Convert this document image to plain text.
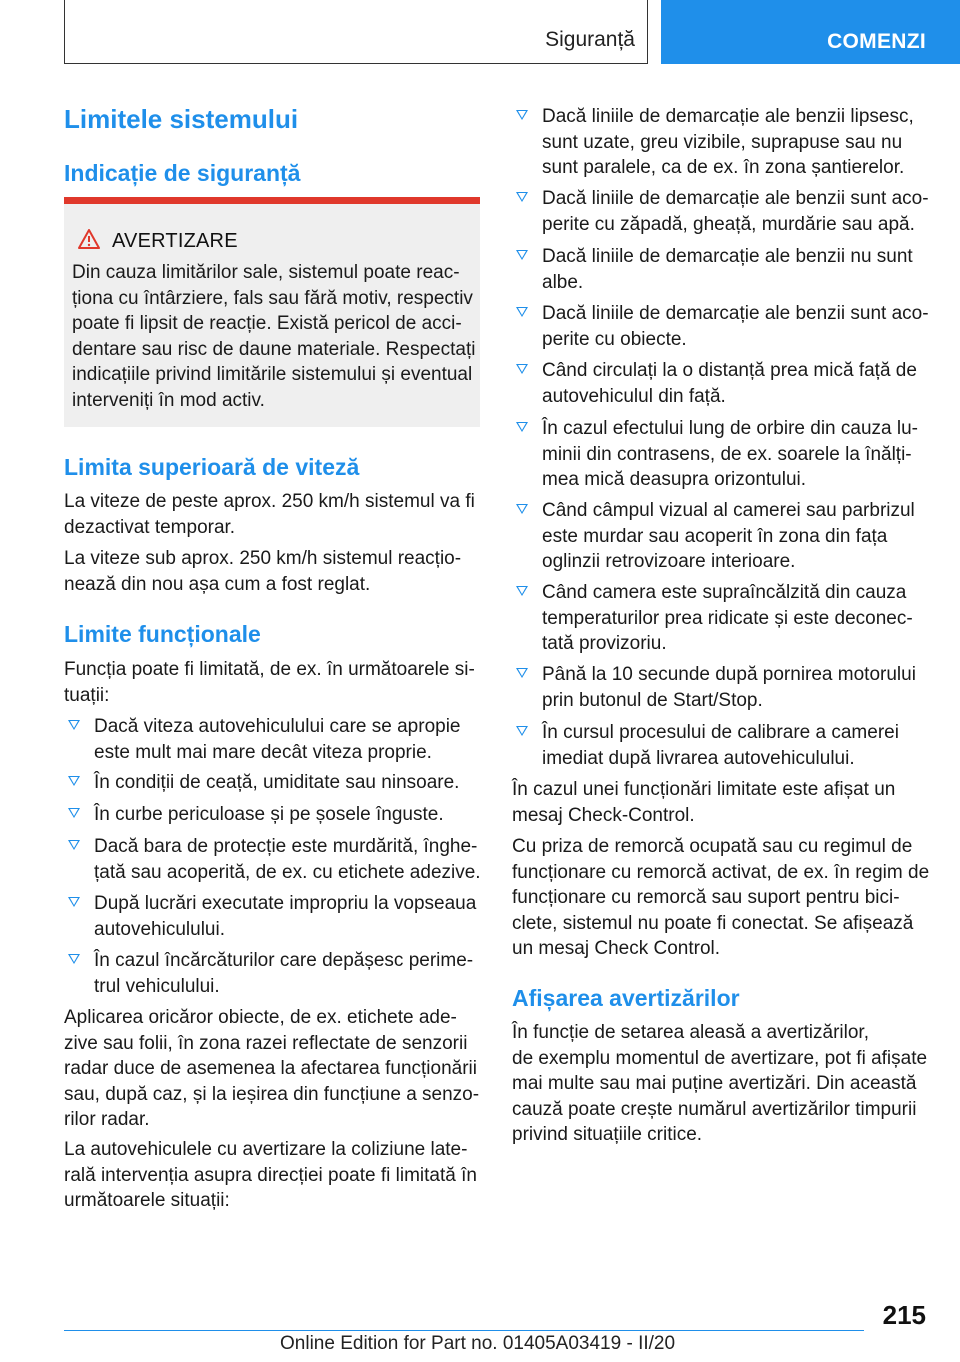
Siguranță	COMENZI
Limitele sistemului
Indicație de siguranță
AVERTIZARE
Din cauza limitărilor sale, sistemul poate reac-
ționa cu întârziere, fals sau fără motiv, respectiv
poate fi lipsit de reacție. Există pericol de acci-
dentare sau risc de daune materiale. Respectați
indicațiile privind limitările sistemului și eventual
interveniți în mod activ.
Limita superioară de viteză
La viteze de peste aprox. 250 km/h sistemul va fi
dezactivat temporar.
La viteze sub aprox. 250 km/h sistemul reacțio-
nează din nou așa cum a fost reglat.
Limite funcționale
Funcția poate fi limitată, de ex. în următoarele si-
tuații:
Dacă viteza autovehiculului care se apropie
este mult mai mare decât viteza proprie.
În condiții de ceață, umiditate sau ninsoare.
În curbe periculoase și pe șosele înguste.
Dacă bara de protecție este murdărită, înghe-
țată sau acoperită, de ex. cu etichete adezive.
După lucrări executate impropriu la vopseaua
autovehiculului.
În cazul încărcăturilor care depășesc perime-
trul vehiculului.
Aplicarea oricăror obiecte, de ex. etichete ade-
zive sau folii, în zona razei reflectate de senzorii
radar duce de asemenea la afectarea funcționării
sau, după caz, și la ieșirea din funcțiune a senzo-
rilor radar.
La autovehiculele cu avertizare la coliziune late-
rală intervenția asupra direcției poate fi limitată în
următoarele situații:
Dacă liniile de demarcație ale benzii lipsesc,
sunt uzate, greu vizibile, suprapuse sau nu
sunt paralele, ca de ex. în zona șantierelor.
Dacă liniile de demarcație ale benzii sunt aco-
perite cu zăpadă, gheață, murdărie sau apă.
Dacă liniile de demarcație ale benzii nu sunt
albe.
Dacă liniile de demarcație ale benzii sunt aco-
perite cu obiecte.
Când circulați la o distanță prea mică față de
autovehiculul din față.
În cazul efectului lung de orbire din cauza lu-
minii din contrasens, de ex. soarele la înălți-
mea mică deasupra orizontului.
Când câmpul vizual al camerei sau parbrizul
este murdar sau acoperit în zona din fața
oglinzii retrovizoare interioare.
Când camera este supraîncălzită din cauza
temperaturilor prea ridicate și este deconec-
tată provizoriu.
Până la 10 secunde după pornirea motorului
prin butonul de Start/Stop.
În cursul procesului de calibrare a camerei
imediat după livrarea autovehiculului.
În cazul unei funcționări limitate este afișat un
mesaj Check-Control.
Cu priza de remorcă ocupată sau cu regimul de
funcționare cu remorcă activat, de ex. în regim de
funcționare cu remorcă sau suport pentru bici-
clete, sistemul nu poate fi conectat. Se afișează
un mesaj Check Control.
Afișarea avertizărilor
În funcție de setarea aleasă a avertizărilor,
de exemplu momentul de avertizare, pot fi afișate
mai multe sau mai puține avertizări. Din această
cauză poate crește numărul avertizărilor timpurii
privind situațiile critice.
215
Online Edition for Part no. 01405A03419 - II/20
